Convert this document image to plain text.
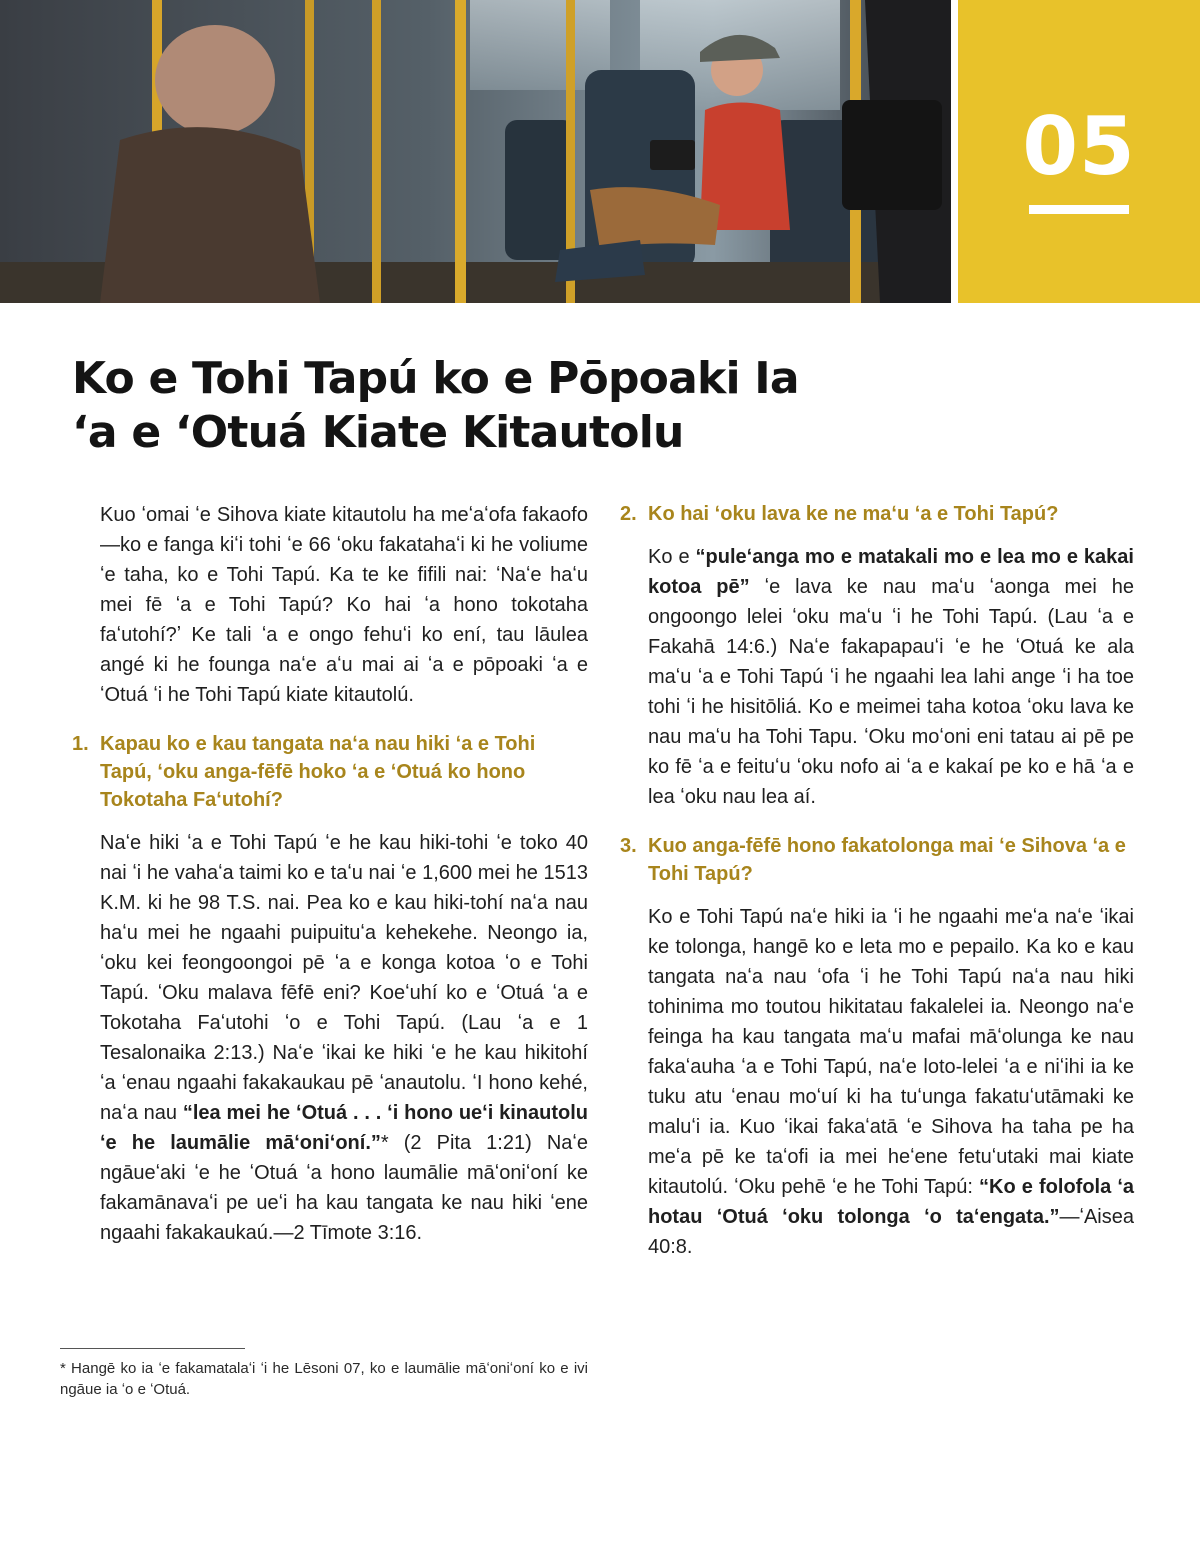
05
Ko e Tohi Tapú ko e Pōpoaki Ia
ʻa e ʻOtuá Kiate Kitautolu

Kuo ʻomai ʻe Sihova kiate kitautolu ha meʻaʻofa fakaofo—ko e fanga kiʻi tohi ʻe 66 ʻoku fakatahaʻi ki he voliume ʻe taha, ko e Tohi Tapú. Ka te ke fifili nai: ʻNaʻe haʻu mei fē ʻa e Tohi Tapú? Ko hai ʻa hono tokotaha faʻutohí?ʼ Ke tali ʻa e ongo fehuʻi ko ení, tau lāulea angé ki he founga naʻe aʻu mai ai ʻa e pōpoaki ʻa e ʻOtuá ʻi he Tohi Tapú kiate kitautolú.

1. Kapau ko e kau tangata naʻa nau hiki ʻa e Tohi Tapú, ʻoku anga-fēfē hoko ʻa e ʻOtuá ko hono Tokotaha Faʻutohí?

Naʻe hiki ʻa e Tohi Tapú ʻe he kau hiki-tohi ʻe toko 40 nai ʻi he vahaʻa taimi ko e taʻu nai ʻe 1,600 mei he 1513 K.M. ki he 98 T.S. nai. Pea ko e kau hiki-tohí naʻa nau haʻu mei he ngaahi puipuituʻa kehekehe. Neongo ia, ʻoku kei feongoongoi pē ʻa e konga kotoa ʻo e Tohi Tapú. ʻOku malava fēfē eni? Koeʻuhí ko e ʻOtuá ʻa e Tokotaha Faʻutohi ʻo e Tohi Tapú. (Lau ʻa e 1 Tesalonaika 2:13.) Naʻe ʻikai ke hiki ʻe he kau hikitohí ʻa ʻenau ngaahi fakakaukau pē ʻanautolu. ʻI hono kehé, naʻa nau “lea mei he ʻOtuá . . . ʻi hono ueʻi kinautolu ʻe he laumālie māʻoniʻoní.”* (2 Pita 1:21) Naʻe ngāueʻaki ʻe he ʻOtuá ʻa hono laumālie māʻoniʻoní ke fakamānavaʻi pe ueʻi ha kau tangata ke nau hiki ʻene ngaahi fakakaukaú.—2 Tīmote 3:16.

2. Ko hai ʻoku lava ke ne maʻu ʻa e Tohi Tapú?

Ko e “puleʻanga mo e matakali mo e lea mo e kakai kotoa pē” ʻe lava ke nau maʻu ʻaonga mei he ongoongo lelei ʻoku maʻu ʻi he Tohi Tapú. (Lau ʻa e Fakahā 14:6.) Naʻe fakapapauʻi ʻe he ʻOtuá ke ala maʻu ʻa e Tohi Tapú ʻi he ngaahi lea lahi ange ʻi ha toe tohi ʻi he hisitōliá. Ko e meimei taha kotoa ʻoku lava ke nau maʻu ha Tohi Tapu. ʻOku moʻoni eni tatau ai pē pe ko fē ʻa e feituʻu ʻoku nofo ai ʻa e kakaí pe ko e hā ʻa e lea ʻoku nau lea aí.

3. Kuo anga-fēfē hono fakatolonga mai ʻe Sihova ʻa e Tohi Tapú?

Ko e Tohi Tapú naʻe hiki ia ʻi he ngaahi meʻa naʻe ʻikai ke tolonga, hangē ko e leta mo e pepailo. Ka ko e kau tangata naʻa nau ʻofa ʻi he Tohi Tapú naʻa nau hiki tohinima mo toutou hikitatau fakalelei ia. Neongo naʻe feinga ha kau tangata maʻu mafai māʻolunga ke nau fakaʻauha ʻa e Tohi Tapú, naʻe loto-lelei ʻa e niʻihi ia ke tuku atu ʻenau moʻuí ki ha tuʻunga fakatuʻutāmaki ke maluʻi ia. Kuo ʻikai fakaʻatā ʻe Sihova ha taha pe ha meʻa pē ke taʻofi ia mei heʻene fetuʻutaki mai kiate kitautolú. ʻOku pehē ʻe he Tohi Tapú: “Ko e folofola ʻa hotau ʻOtuá ʻoku tolonga ʻo taʻengata.”—ʻAisea 40:8.

* Hangē ko ia ʻe fakamatalaʻi ʻi he Lēsoni 07, ko e laumālie māʻoniʻoní ko e ivi ngāue ia ʻo e ʻOtuá.
